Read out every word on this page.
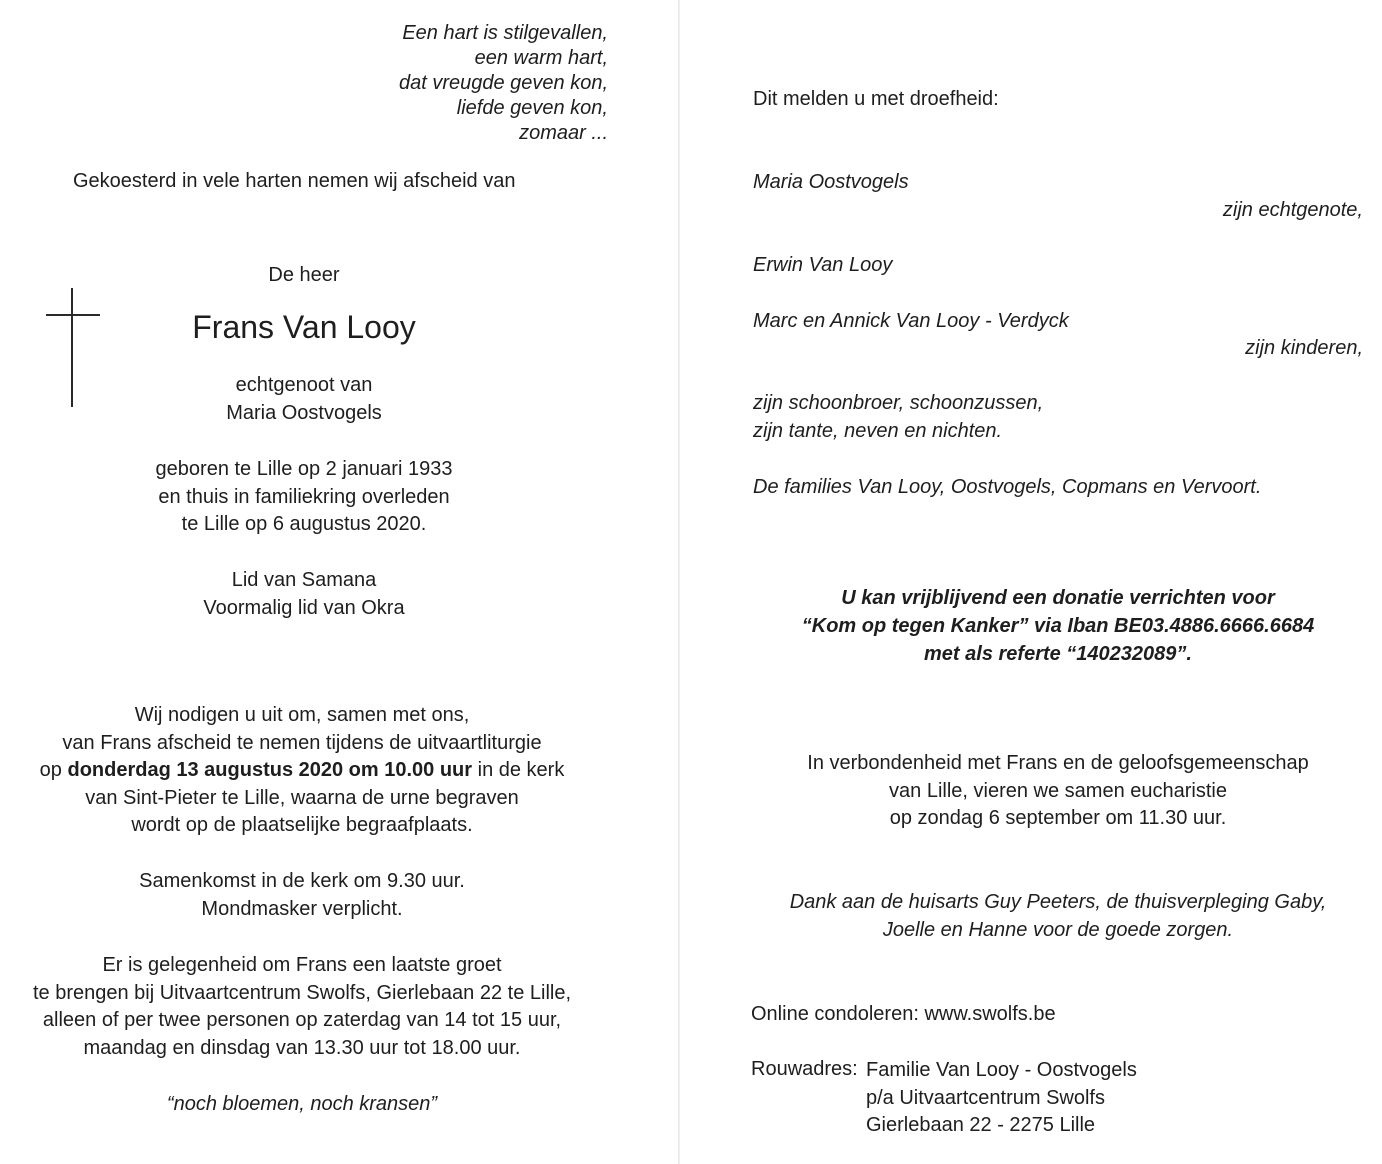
Een hart is stilgevallen,
een warm hart,
dat vreugde geven kon,
liefde geven kon,
zomaar ...
Gekoesterd in vele harten nemen wij afscheid van
De heer
Frans Van Looy
echtgenoot van
Maria Oostvogels
geboren te Lille op 2 januari 1933
en thuis in familiekring overleden
te Lille op 6 augustus 2020.
Lid van Samana
Voormalig lid van Okra
Wij nodigen u uit om, samen met ons,
van Frans afscheid te nemen tijdens de uitvaartliturgie
op donderdag 13 augustus 2020 om 10.00 uur in de kerk
van Sint-Pieter te Lille, waarna de urne begraven
wordt op de plaatselijke begraafplaats.
Samenkomst in de kerk om 9.30 uur.
Mondmasker verplicht.
Er is gelegenheid om Frans een laatste groet
te brengen bij Uitvaartcentrum Swolfs, Gierlebaan 22 te Lille,
alleen of per twee personen op zaterdag van 14 tot 15 uur,
maandag en dinsdag van 13.30 uur tot 18.00 uur.
“noch bloemen, noch kransen”
Dit melden u met droefheid:
Maria Oostvogels
zijn echtgenote,
Erwin Van Looy
Marc en Annick Van Looy - Verdyck
zijn kinderen,
zijn schoonbroer, schoonzussen,
zijn tante, neven en nichten.
De families Van Looy, Oostvogels, Copmans en Vervoort.
U kan vrijblijvend een donatie verrichten voor
“Kom op tegen Kanker” via Iban BE03.4886.6666.6684
met als referte “140232089”.
In verbondenheid met Frans en de geloofsgemeenschap
van Lille, vieren we samen eucharistie
op zondag 6 september om 11.30 uur.
Dank aan de huisarts Guy Peeters, de thuisverpleging Gaby,
Joelle en Hanne voor de goede zorgen.
Online condoleren: www.swolfs.be
Rouwadres: Familie Van Looy - Oostvogels
p/a Uitvaartcentrum Swolfs
Gierlebaan 22 - 2275 Lille
